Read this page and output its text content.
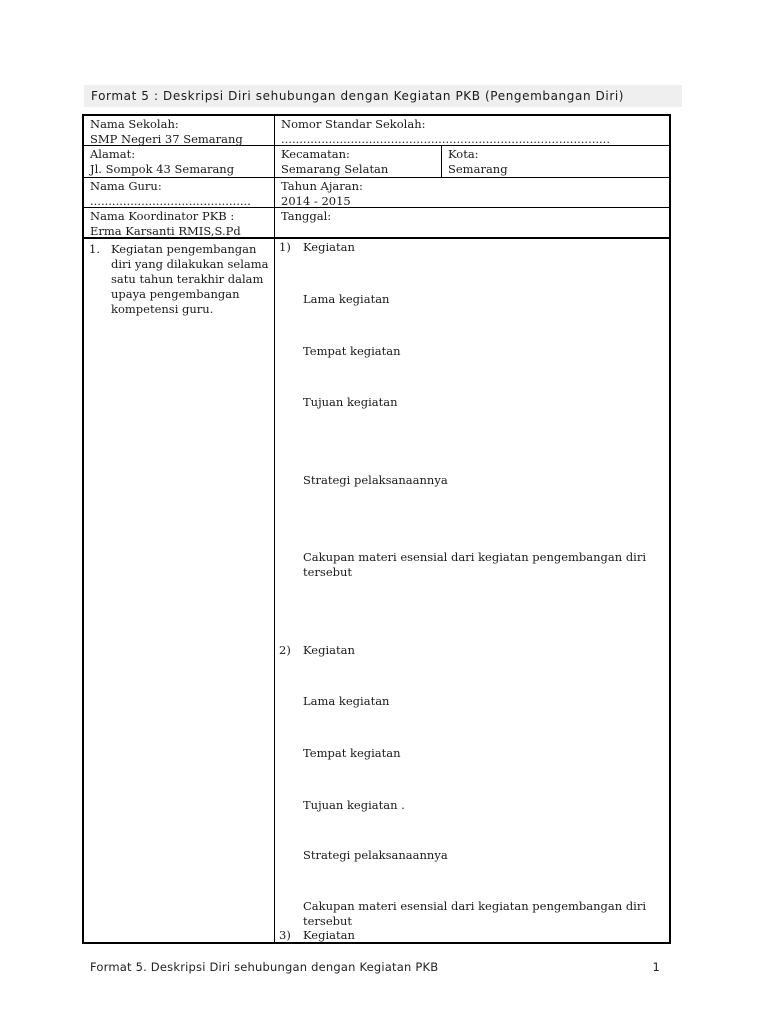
Format 5 : Deskripsi Diri sehubungan dengan Kegiatan PKB (Pengembangan Diri)
Nama Sekolah:
SMP Negeri 37 Semarang
Nomor Standar Sekolah:
..........................................................................................
Alamat:
Jl. Sompok 43 Semarang
Kecamatan:
Semarang Selatan
Kota:
Semarang
Nama Guru:
............................................
Tahun Ajaran:
2014 - 2015
Nama Koordinator PKB :
Erma Karsanti RMIS,S.Pd
Tanggal:
1. Kegiatan pengembangan diri yang dilakukan selama satu tahun terakhir dalam upaya pengembangan kompetensi guru.
1) Kegiatan
Lama kegiatan
Tempat kegiatan
Tujuan kegiatan
Strategi pelaksanaannya
Cakupan materi esensial dari kegiatan pengembangan diri
tersebut
2) Kegiatan
Lama kegiatan
Tempat kegiatan
Tujuan kegiatan .
Strategi pelaksanaannya
Cakupan materi esensial dari kegiatan pengembangan diri
tersebut
3) Kegiatan
Format 5. Deskripsi Diri sehubungan dengan Kegiatan PKB	1
